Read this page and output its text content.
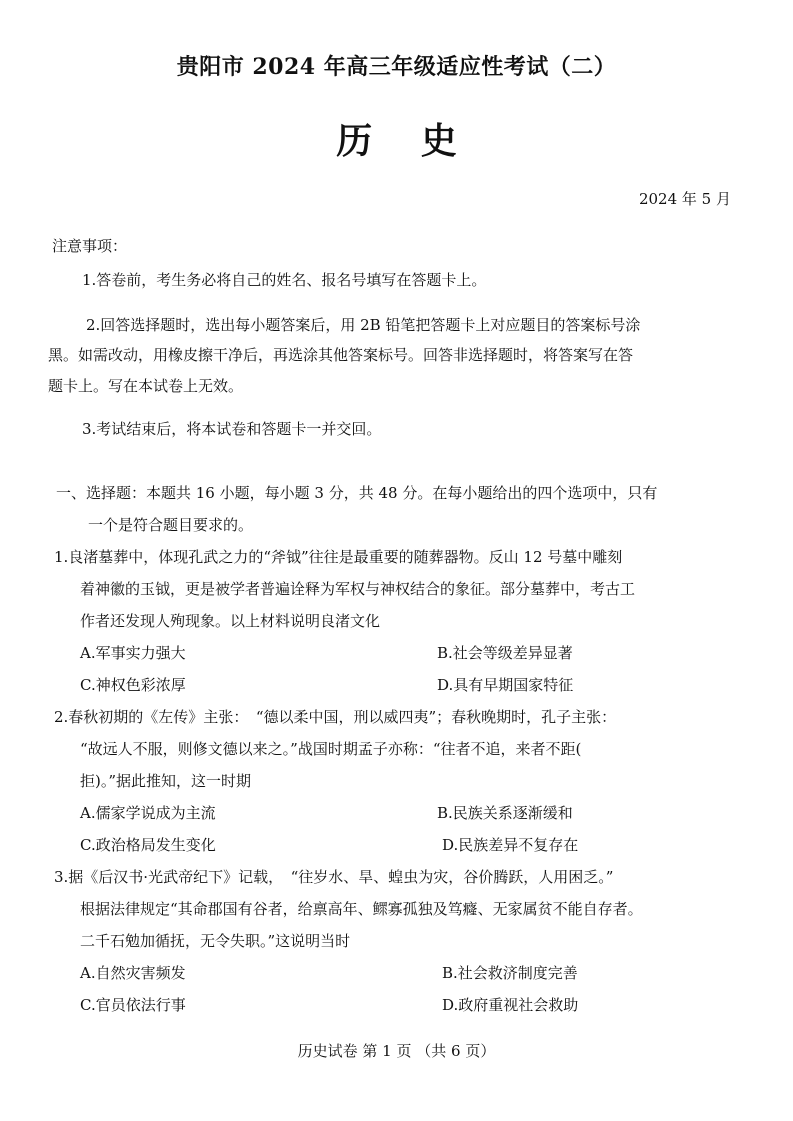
贵阳市 2024 年高三年级适应性考试（二）
历 史
2024 年 5 月
注意事项：
1.答卷前，考生务必将自己的姓名、报名号填写在答题卡上。
2.回答选择题时，选出每小题答案后，用 2B 铅笔把答题卡上对应题目的答案标号涂
黑。如需改动，用橡皮擦干净后，再选涂其他答案标号。回答非选择题时，将答案写在答
题卡上。写在本试卷上无效。
3.考试结束后，将本试卷和答题卡一并交回。
一、选择题：本题共 16 小题，每小题 3 分，共 48 分。在每小题给出的四个选项中，只有
一个是符合题目要求的。
1.良渚墓葬中，体现孔武之力的“斧钺”往往是最重要的随葬器物。反山 12 号墓中雕刻
着神徽的玉钺，更是被学者普遍诠释为军权与神权结合的象征。部分墓葬中，考古工
作者还发现人殉现象。以上材料说明良渚文化
A.军事实力强大	B.社会等级差异显著
C.神权色彩浓厚	D.具有早期国家特征
2.春秋初期的《左传》主张：　“德以柔中国，刑以威四夷”；春秋晚期时，孔子主张：
“故远人不服，则修文德以来之。”战国时期孟子亦称：“往者不追，来者不距(
拒)。”据此推知，这一时期
A.儒家学说成为主流	B.民族关系逐渐缓和
C.政治格局发生变化	D.民族差异不复存在
3.据《后汉书·光武帝纪下》记载，　“往岁水、旱、蝗虫为灾，谷价腾跃，人用困乏。”
根据法律规定“其命郡国有谷者，给禀高年、鳏寡孤独及笃癃、无家属贫不能自存者。
二千石勉加循抚，无令失职。”这说明当时
A.自然灾害频发	B.社会救济制度完善
C.官员依法行事	D.政府重视社会救助
历史试卷 第 1 页 （共 6 页）
